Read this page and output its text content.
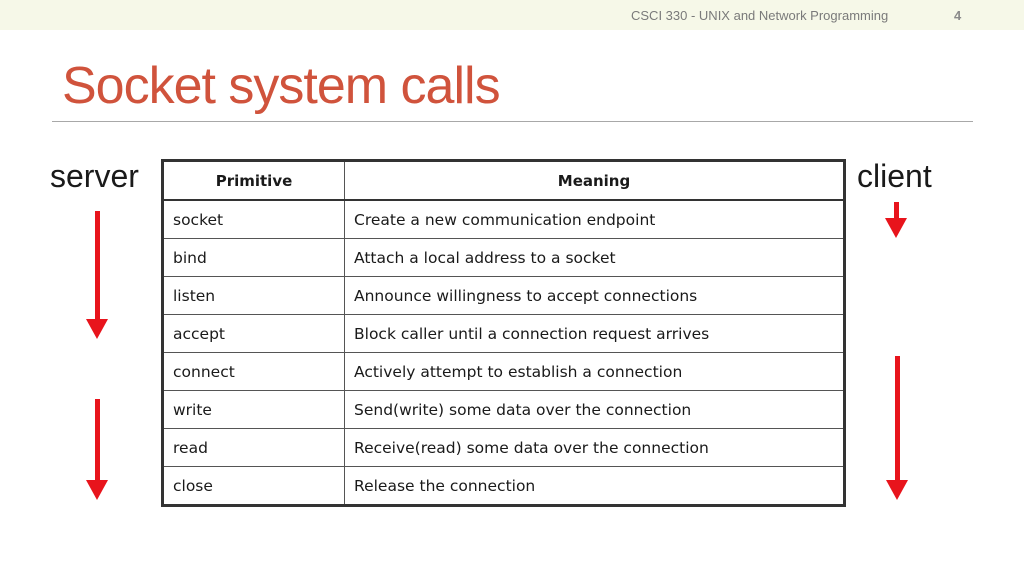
CSCI 330 - UNIX and Network Programming	4
Socket system calls
server	client
Primitive	Meaning
socket	Create a new communication endpoint
bind	Attach a local address to a socket
listen	Announce willingness to accept connections
accept	Block caller until a connection request arrives
connect	Actively attempt to establish a connection
write	Send(write) some data over the connection
read	Receive(read) some data over the connection
close	Release the connection
